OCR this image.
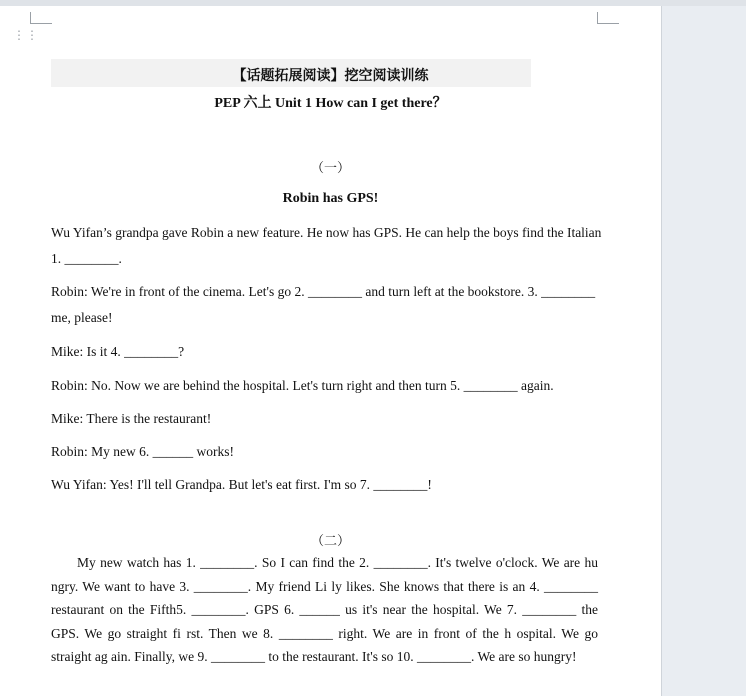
⋮⋮
【话题拓展阅读】挖空阅读训练
PEP 六上 Unit 1 How can I get there？
（一）
Robin has GPS!
Wu Yifan’s grandpa gave Robin a new feature. He now has GPS. He can help the boys find the Italian 1. ________.
Robin: We're in front of the cinema. Let's go 2. ________ and turn left at the bookstore. 3. ________ me, please!
Mike: Is it 4. ________?
Robin: No. Now we are behind the hospital. Let's turn right and then turn 5. ________ again.
Mike: There is the restaurant!
Robin: My new 6. ______ works!
Wu Yifan: Yes! I'll tell Grandpa. But let's eat first. I'm so 7. ________!
（二）
My new watch has 1. ________. So I can find the 2. ________. It's twelve o'clock. We are hu ngry. We want to have 3. ________. My friend Li ly likes. She knows that there is an 4. ________ restaurant on the Fifth5. ________. GPS 6. ______ us it's near the hospital. We 7. ________ the GPS. We go straight fi rst. Then we 8. ________ right. We are in front of the h ospital. We go straight ag ain. Finally, we 9. ________ to the restaurant. It's so 10. ________. We are so hungry!
